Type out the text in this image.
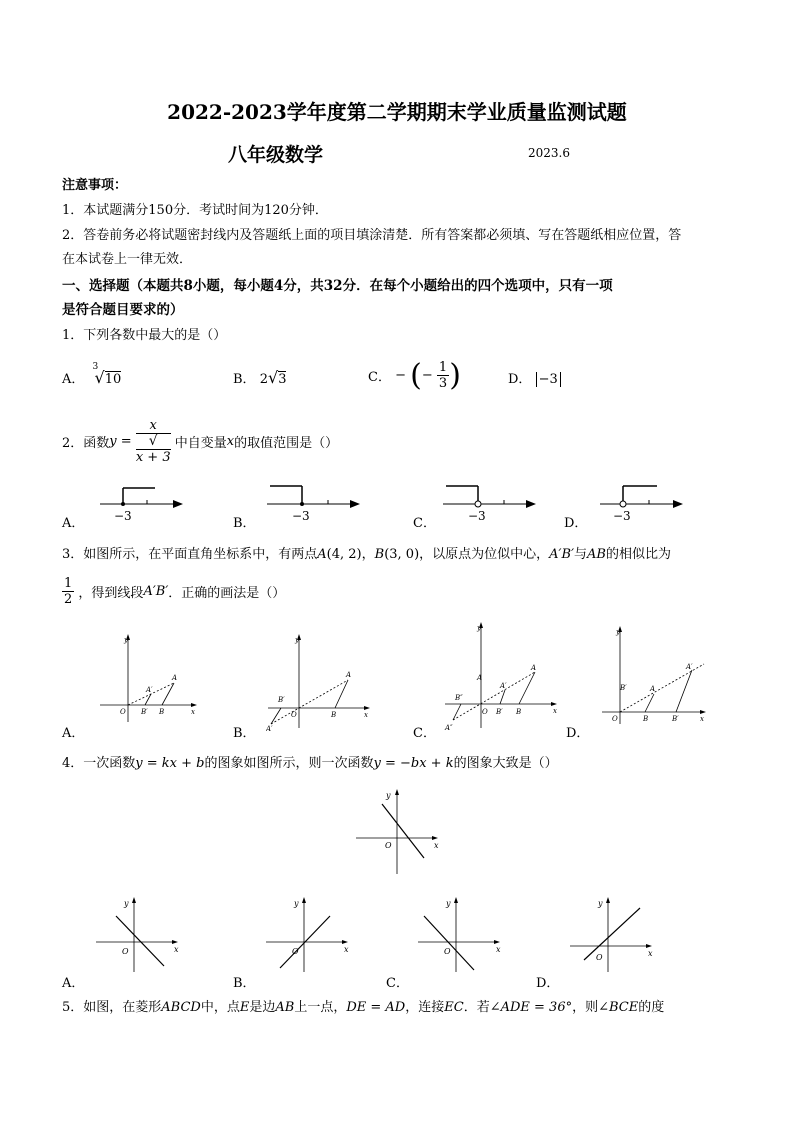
2022-2023学年度第二学期期末学业质量监测试题
八年级数学	2023.6
注意事项：
1．本试题满分150分．考试时间为120分钟．
2．答卷前务必将试题密封线内及答题纸上面的项目填涂清楚．所有答案都必须填、写在答题纸相应位置，答
在本试卷上一律无效．
一、选择题（本题共8小题，每小题4分，共32分．在每个小题给出的四个选项中，只有一项
是符合题目要求的）
1．下列各数中最大的是（）
A．
3
√10	B． 2√3	C． − (− $\frac{1}{3}$ )	D． −3
2．函数y = x
√
x + 3 中自变量x的取值范围是（）
A．	B．	C．	D．
−3	−3	−3	−3
3．如图所示，在平面直角坐标系中，有两点A(4, 2)，B(3, 0)，以原点为位似中心，A′B′与AB的相似比为
$\frac{1}{2}$ ，得到线段A′B′．正确的画法是（）
A．	B．	C．	D．
y
x
O
A
B
A′
B′
y
x
O
A
B
B′
A′
y
x
O
A
B
A′
B′
B″
A″
A
y
x
O
A
B
A′
B′
B′
4．一次函数y = kx + b的图象如图所示，则一次函数y = −bx + k的图象大致是（）
y
x
O
A．	B．	C．	D．
y
x
O
y
x
O
y
x
O
y
x
O
5．如图，在菱形ABCD中，点E是边AB上一点，DE = AD，连接EC．若∠ADE = 36°，则∠BCE的度
